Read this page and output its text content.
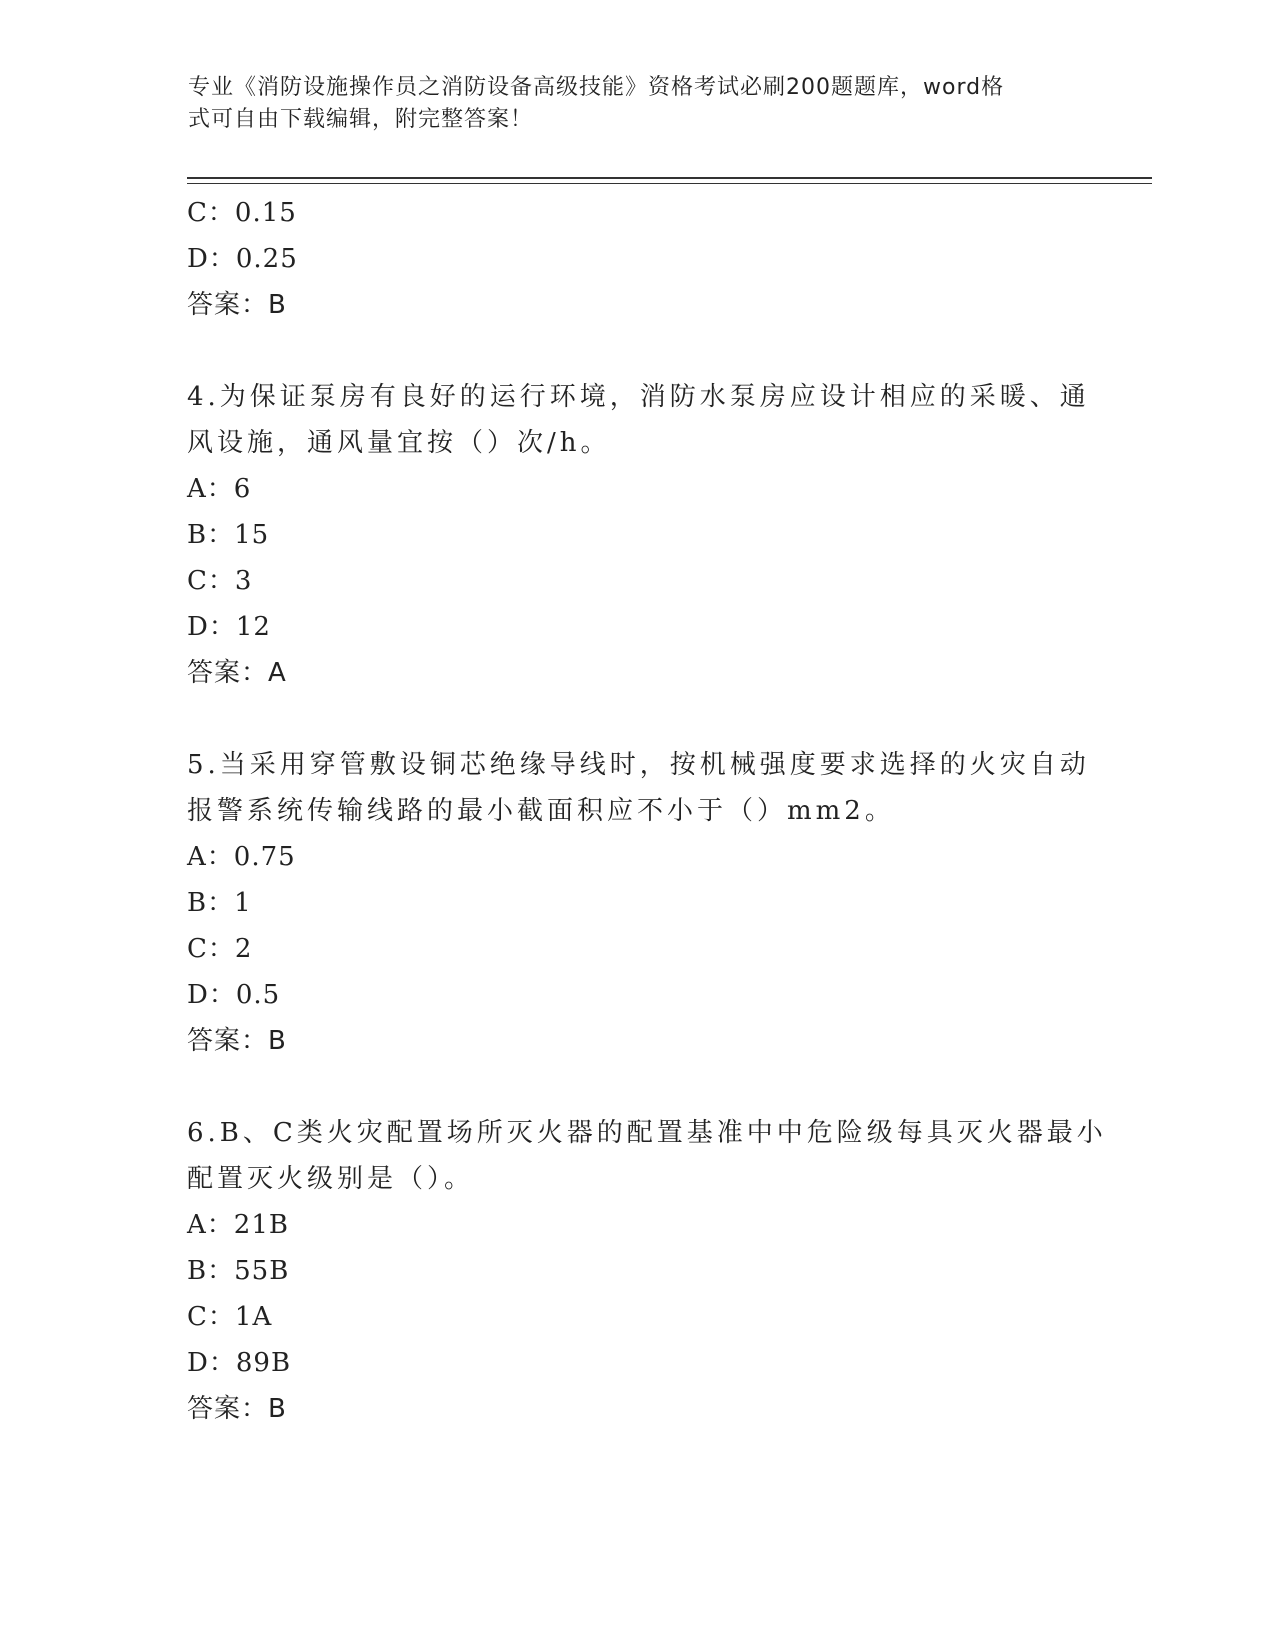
专业《消防设施操作员之消防设备高级技能》资格考试必刷200题题库，word格
式可自由下载编辑，附完整答案！
C：0.15
D：0.25
答案：B
4.为保证泵房有良好的运行环境，消防水泵房应设计相应的采暖、通
风设施，通风量宜按（）次/h。
A：6
B：15
C：3
D：12
答案：A
5.当采用穿管敷设铜芯绝缘导线时，按机械强度要求选择的火灾自动
报警系统传输线路的最小截面积应不小于（）mm2。
A：0.75
B：1
C：2
D：0.5
答案：B
6.B、C类火灾配置场所灭火器的配置基准中中危险级每具灭火器最小
配置灭火级别是（）。
A：21B
B：55B
C：1A
D：89B
答案：B
